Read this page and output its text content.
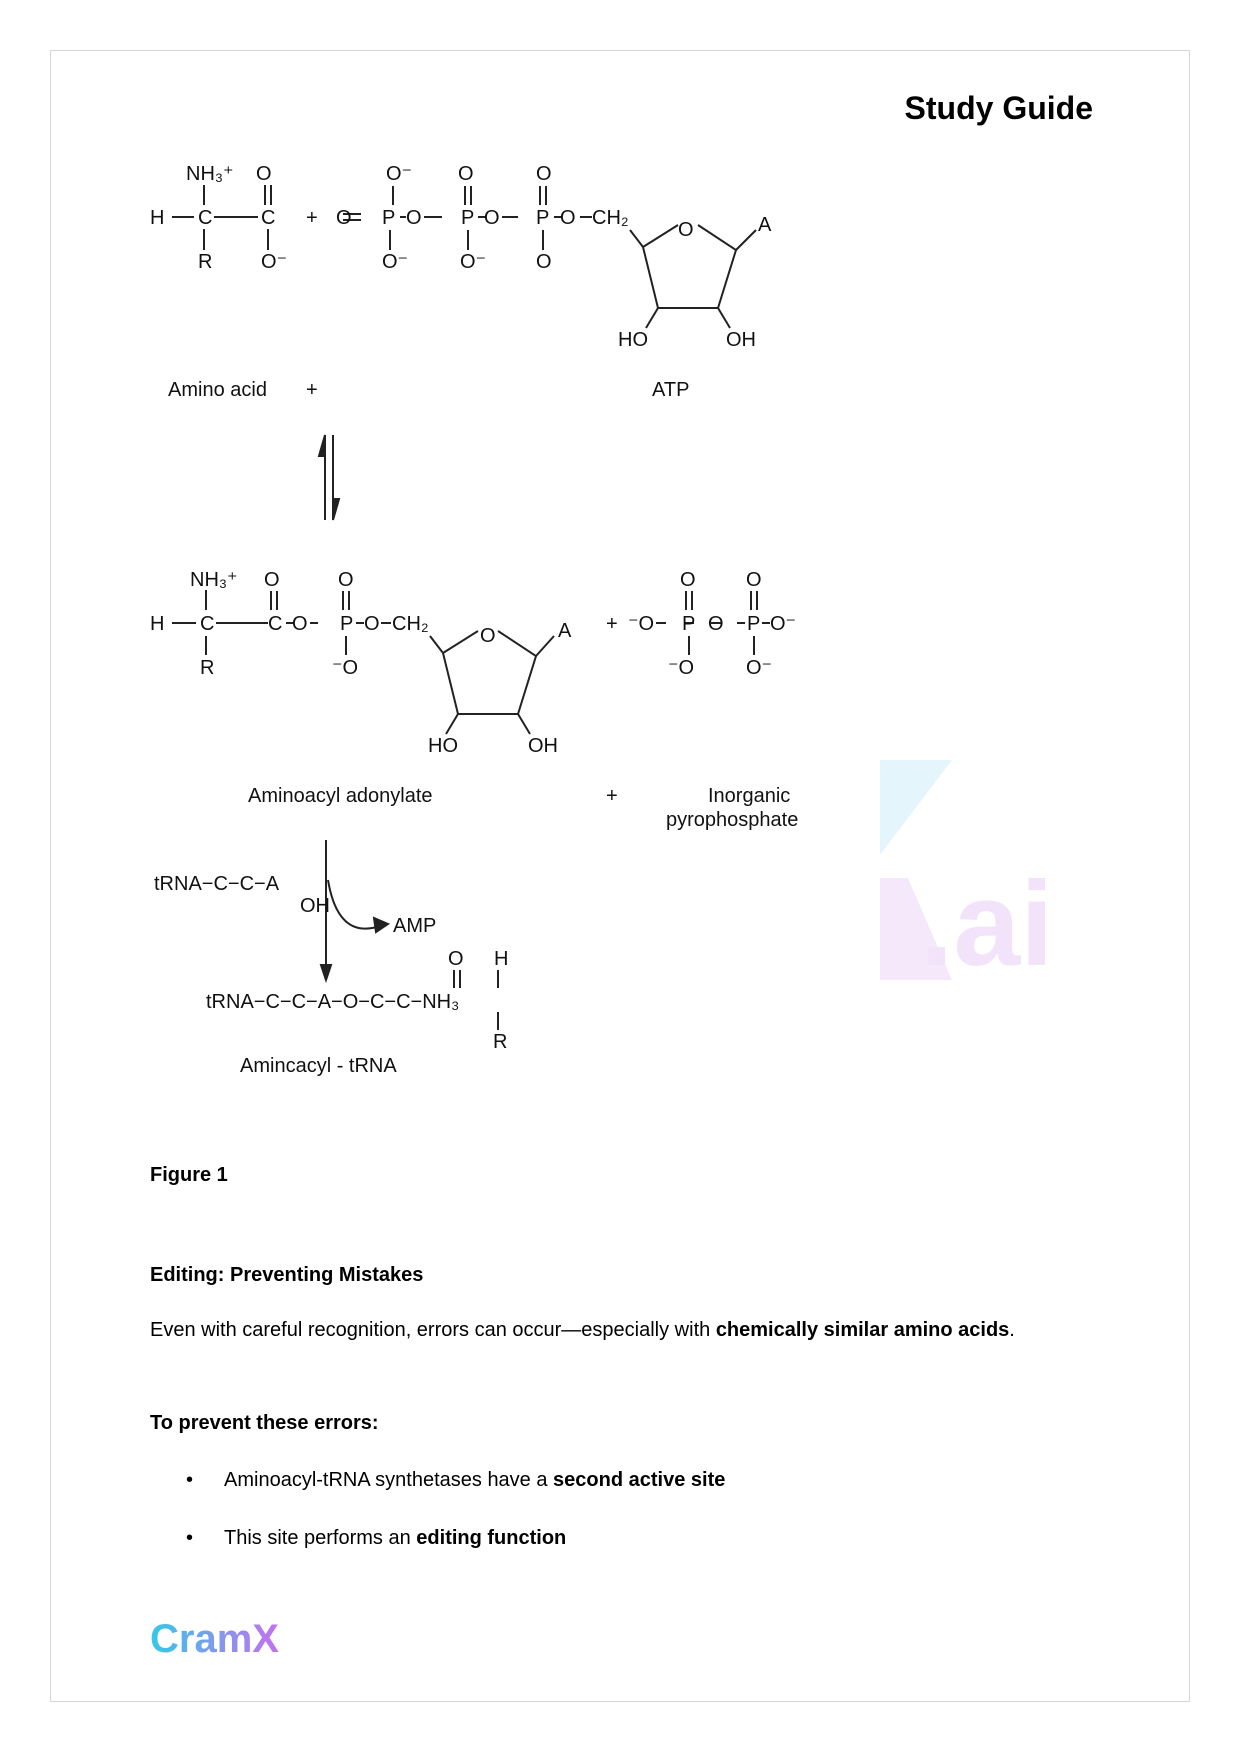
Study Guide
NH₃⁺ O
H C C
R O⁻
+
O⁻ O	O
O P O P O P O CH₂
O	A
O⁻	O⁻ O
HO	OH
Amino acid +	ATP
NH₃⁺ O	O
H C	C O P O CH₂
O	A
R	⁻O
HO	OH
+ ⁻O P O P O⁻
O	O
⁻O	O⁻
Aminoacyl adonylate	+	Inorganic
pyrophosphate
tRNA−C−C−A
OH
AMP
O H
tRNA−C−C−A−O−C−C−NH₃
R
Amincacyl - tRNA
.ai
Figure 1
Editing: Preventing Mistakes
Even with careful recognition, errors can occur—especially with chemically similar amino acids.
To prevent these errors:
• Aminoacyl-tRNA synthetases have a second active site
• This site performs an editing function
CramX
